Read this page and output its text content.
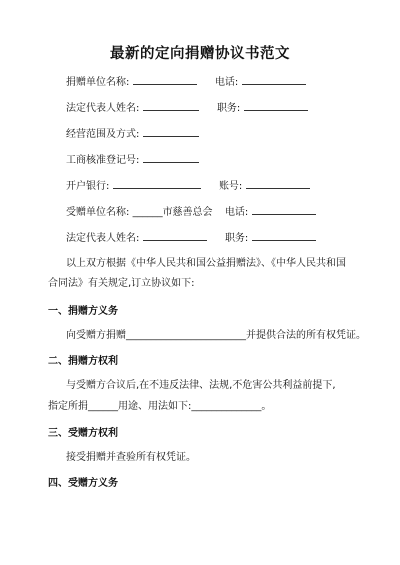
最新的定向捐赠协议书范文
捐赠单位名称:	电话:
法定代表人姓名:	职务:
经营范围及方式:
工商核准登记号:
开户银行:	账号:
受赠单位名称: ______市慈善总会 电话:
法定代表人姓名:	职务:
以上双方根据《中华人民共和国公益捐赠法》、《中华人民共和国
合同法》有关规定,订立协议如下:
一、捐赠方义务
向受赠方捐赠________________________并提供合法的所有权凭证。
二、捐赠方权利
与受赠方合议后,在不违反法律、法规,不危害公共利益前提下,
指定所捐______用途、用法如下:______________。
三、受赠方权利
接受捐赠并查验所有权凭证。
四、受赠方义务
